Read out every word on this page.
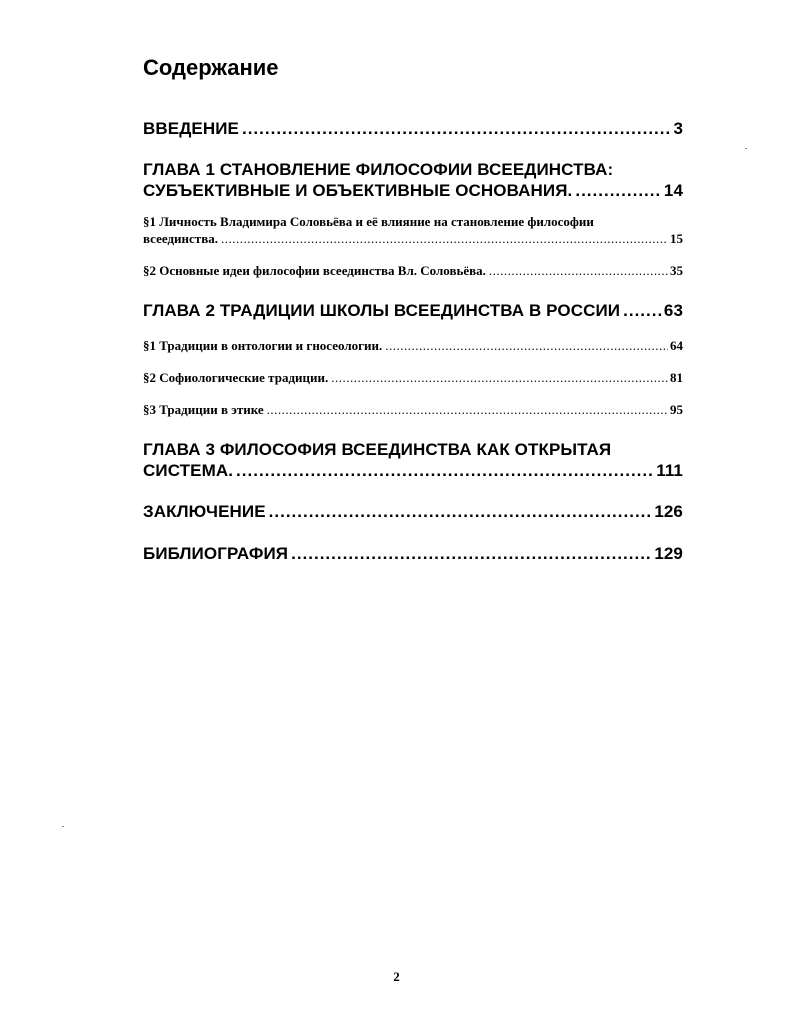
Содержание
ВВЕДЕНИЕ .....	3
ГЛАВА 1 СТАНОВЛЕНИЕ ФИЛОСОФИИ ВСЕЕДИНСТВА:
СУБЪЕКТИВНЫЕ И ОБЪЕКТИВНЫЕ ОСНОВАНИЯ. .....	14
§1 Личность Владимира Соловьёва и её влияние на становление философии
всеединства. .....	15
§2 Основные идеи философии всеединства Вл. Соловьёва. .....	35
ГЛАВА 2 ТРАДИЦИИ ШКОЛЫ ВСЕЕДИНСТВА В РОССИИ .....	63
§1 Традиции в онтологии и гносеологии. .....	64
§2 Софиологические традиции. .....	81
§3 Традиции в этике .....	95
ГЛАВА 3 ФИЛОСОФИЯ ВСЕЕДИНСТВА КАК ОТКРЫТАЯ
СИСТЕМА. .....	111
ЗАКЛЮЧЕНИЕ .....	126
БИБЛИОГРАФИЯ .....	129
2
